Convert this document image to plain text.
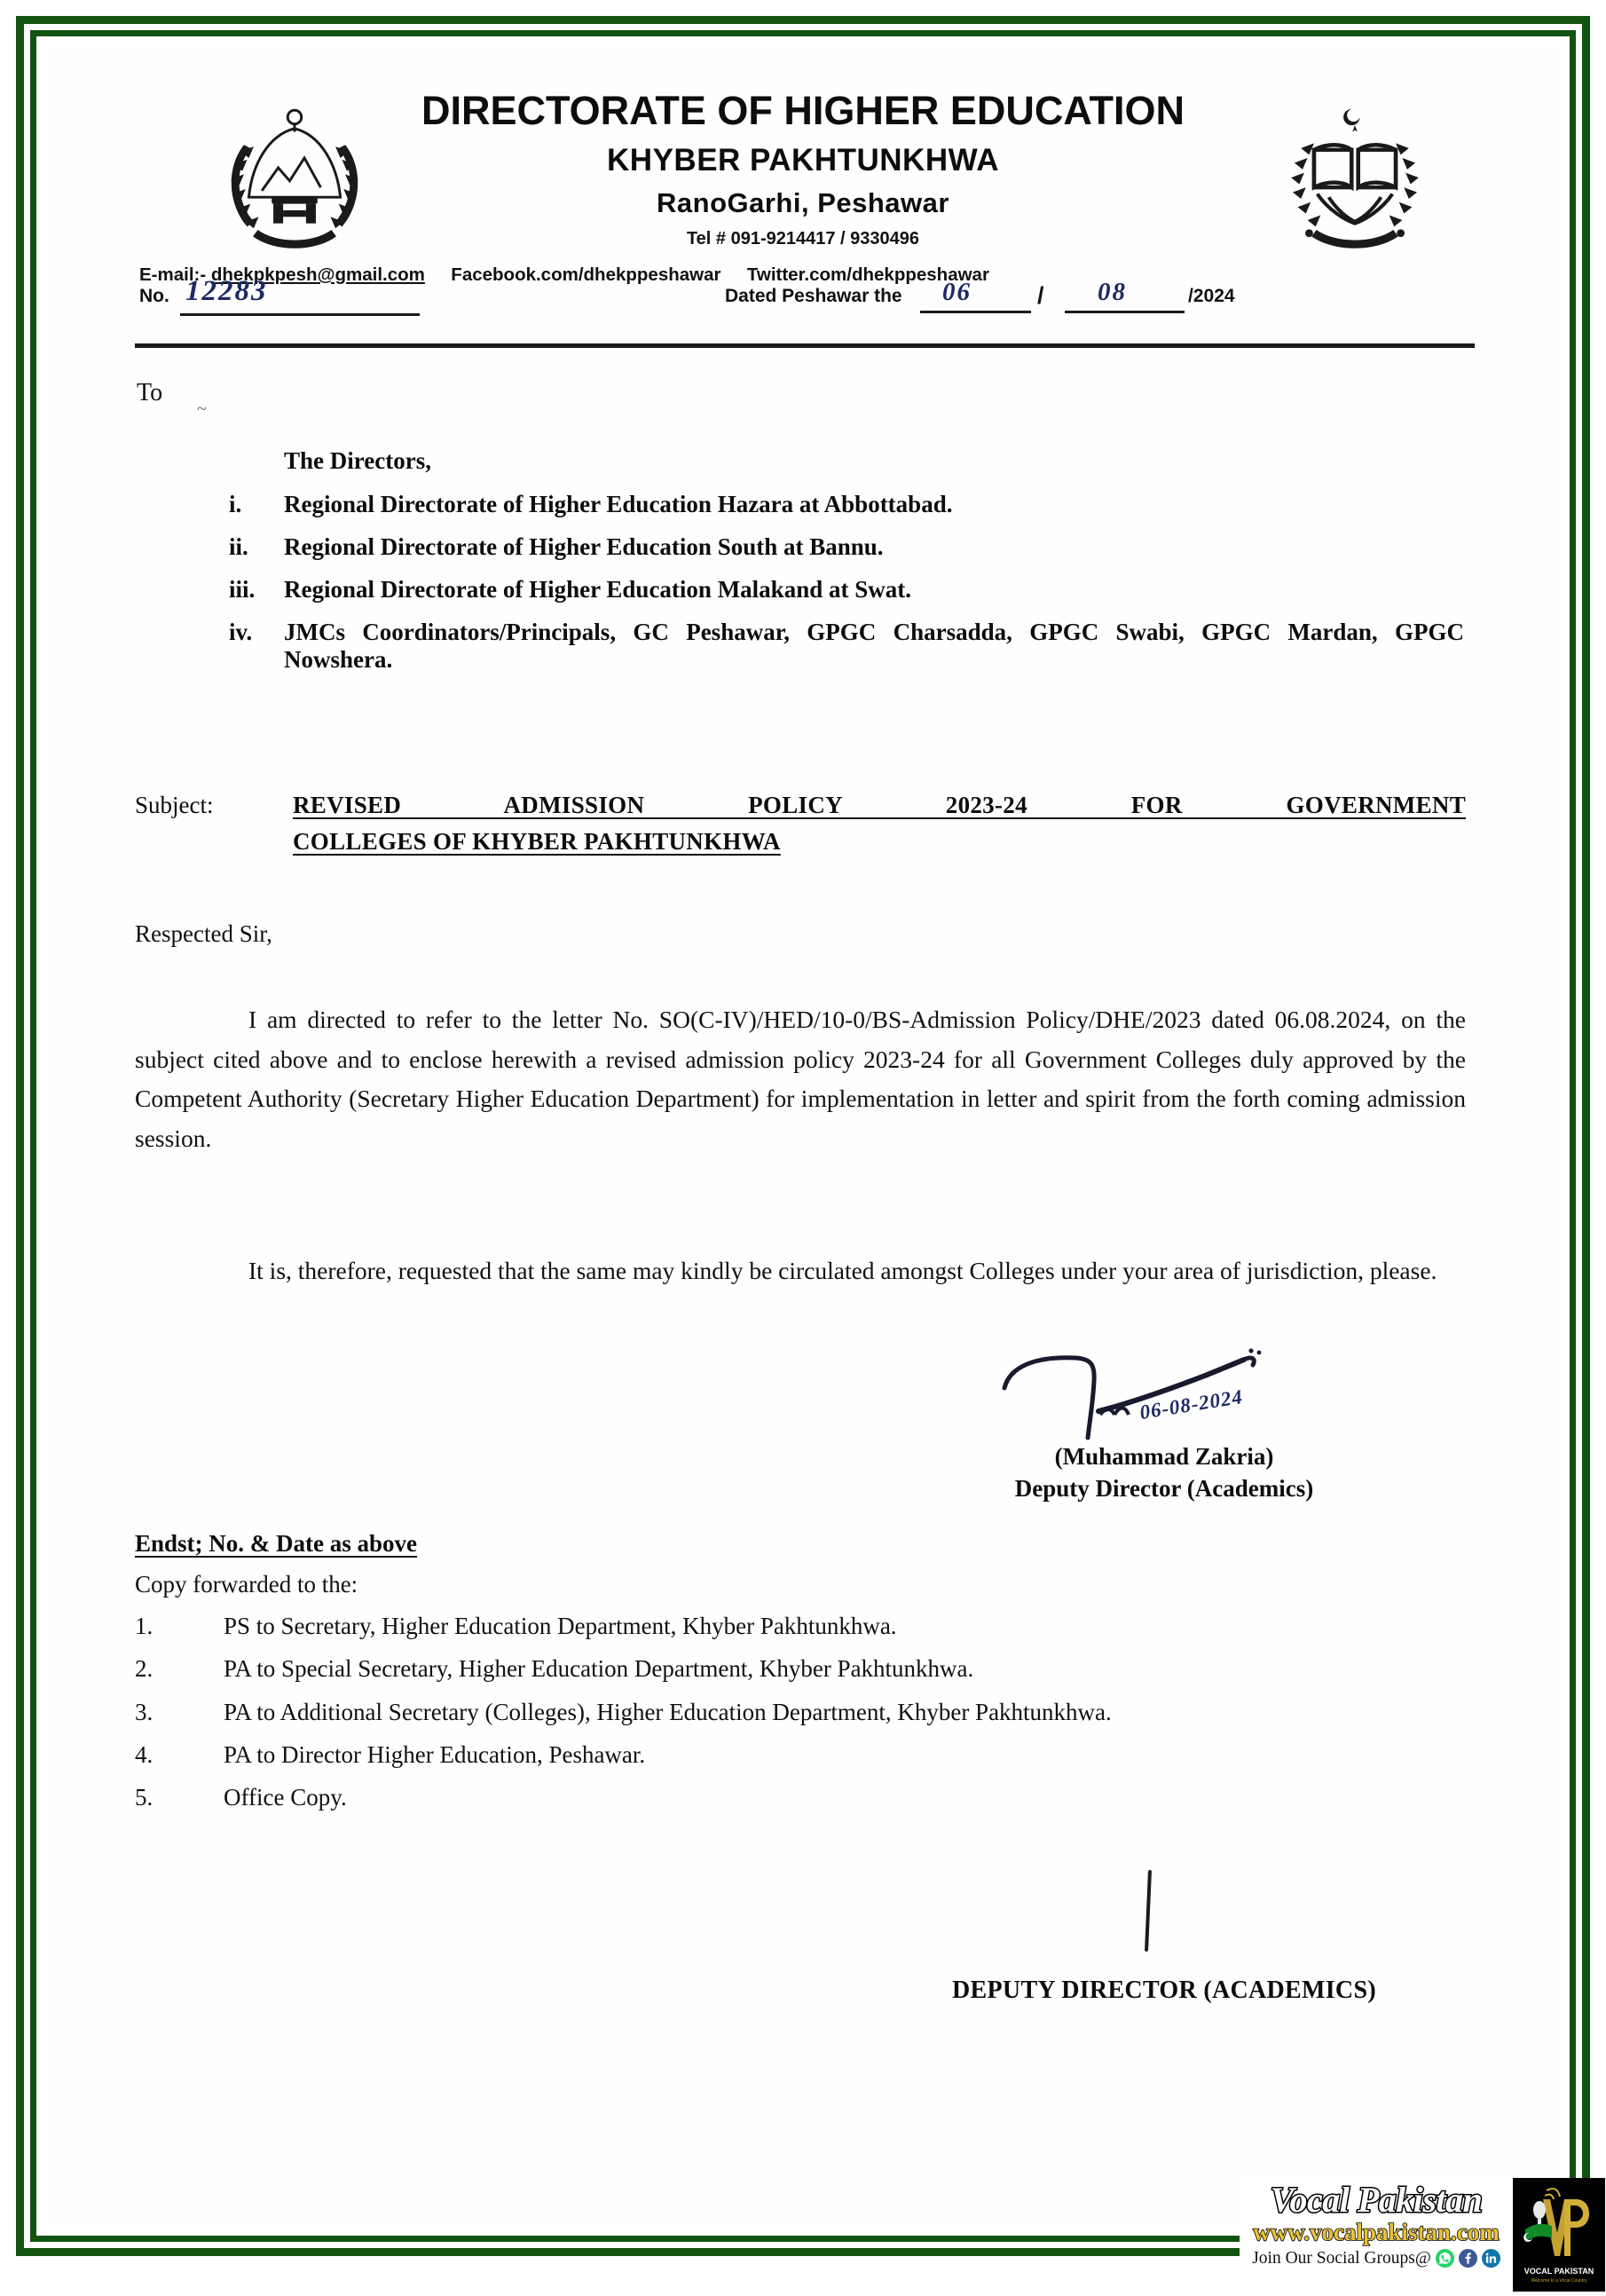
DIRECTORATE OF HIGHER EDUCATION
KHYBER PAKHTUNKHWA
RanoGarhi, Peshawar
Tel # 091-9214417 / 9330496
E-mail:- dhekpkpesh@gmail.com Facebook.com/dhekppeshawar Twitter.com/dhekppeshawar
No. 12283	Dated Peshawar the 06	/ 08	/2024
To
~
The Directors,
i.	Regional Directorate of Higher Education Hazara at Abbottabad.
ii.	Regional Directorate of Higher Education South at Bannu.
iii.	Regional Directorate of Higher Education Malakand at Swat.
iv.	JMCs Coordinators/Principals, GC Peshawar, GPGC Charsadda, GPGC Swabi, GPGC Mardan, GPGC Nowshera.
Subject:	REVISED ADMISSION POLICY 2023-24 FOR GOVERNMENT
COLLEGES OF KHYBER PAKHTUNKHWA
Respected Sir,
I am directed to refer to the letter No. SO(C-IV)/HED/10-0/BS-Admission Policy/DHE/2023 dated 06.08.2024, on the subject cited above and to enclose herewith a revised admission policy 2023-24 for all Government Colleges duly approved by the Competent Authority (Secretary Higher Education Department) for implementation in letter and spirit from the forth coming admission session.
It is, therefore, requested that the same may kindly be circulated amongst Colleges under your area of jurisdiction, please.
06-08-2024
(Muhammad Zakria)
Deputy Director (Academics)
Endst; No. & Date as above
Copy forwarded to the:
1.	PS to Secretary, Higher Education Department, Khyber Pakhtunkhwa.
2.	PA to Special Secretary, Higher Education Department, Khyber Pakhtunkhwa.
3.	PA to Additional Secretary (Colleges), Higher Education Department, Khyber Pakhtunkhwa.
4.	PA to Director Higher Education, Peshawar.
5.	Office Copy.
DEPUTY DIRECTOR (ACADEMICS)
Vocal Pakistan
www.vocalpakistan.com
Join Our Social Groups@
VOCAL PAKISTAN
Welcome to a Vocal Country
